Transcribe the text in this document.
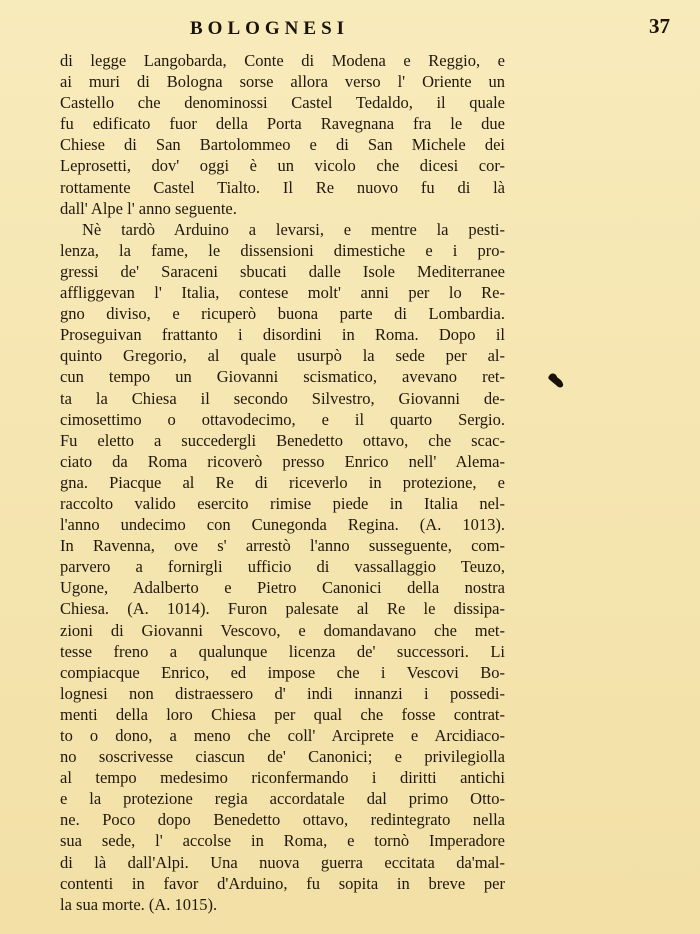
BOLOGNESI	37
di legge Langobarda, Conte di Modena e Reggio, e
ai muri di Bologna sorse allora verso l' Oriente un
Castello che denominossi Castel Tedaldo, il quale
fu edificato fuor della Porta Ravegnana fra le due
Chiese di San Bartolommeo e di San Michele dei
Leprosetti, dov' oggi è un vicolo che dicesi cor-
rottamente Castel Tialto. Il Re nuovo fu di là
dall' Alpe l' anno seguente.
Nè tardò Arduino a levarsi, e mentre la pesti-
lenza, la fame, le dissensioni dimestiche e i pro-
gressi de' Saraceni sbucati dalle Isole Mediterranee
affliggevan l' Italia, contese molt' anni per lo Re-
gno diviso, e ricuperò buona parte di Lombardia.
Proseguivan frattanto i disordini in Roma. Dopo il
quinto Gregorio, al quale usurpò la sede per al-
cun tempo un Giovanni scismatico, avevano ret-
ta la Chiesa il secondo Silvestro, Giovanni de-
cimosettimo o ottavodecimo, e il quarto Sergio.
Fu eletto a succedergli Benedetto ottavo, che scac-
ciato da Roma ricoverò presso Enrico nell' Alema-
gna. Piacque al Re di riceverlo in protezione, e
raccolto valido esercito rimise piede in Italia nel-
l'anno undecimo con Cunegonda Regina. (A. 1013).
In Ravenna, ove s' arrestò l'anno susseguente, com-
parvero a fornirgli ufficio di vassallaggio Teuzo,
Ugone, Adalberto e Pietro Canonici della nostra
Chiesa. (A. 1014). Furon palesate al Re le dissipa-
zioni di Giovanni Vescovo, e domandavano che met-
tesse freno a qualunque licenza de' successori. Li
compiacque Enrico, ed impose che i Vescovi Bo-
lognesi non distraessero d' indi innanzi i possedi-
menti della loro Chiesa per qual che fosse contrat-
to o dono, a meno che coll' Arciprete e Arcidiaco-
no soscrivesse ciascun de' Canonici; e privilegiolla
al tempo medesimo riconfermando i diritti antichi
e la protezione regia accordatale dal primo Otto-
ne. Poco dopo Benedetto ottavo, redintegrato nella
sua sede, l' accolse in Roma, e tornò Imperadore
di là dall'Alpi. Una nuova guerra eccitata da'mal-
contenti in favor d'Arduino, fu sopita in breve per
la sua morte. (A. 1015).
